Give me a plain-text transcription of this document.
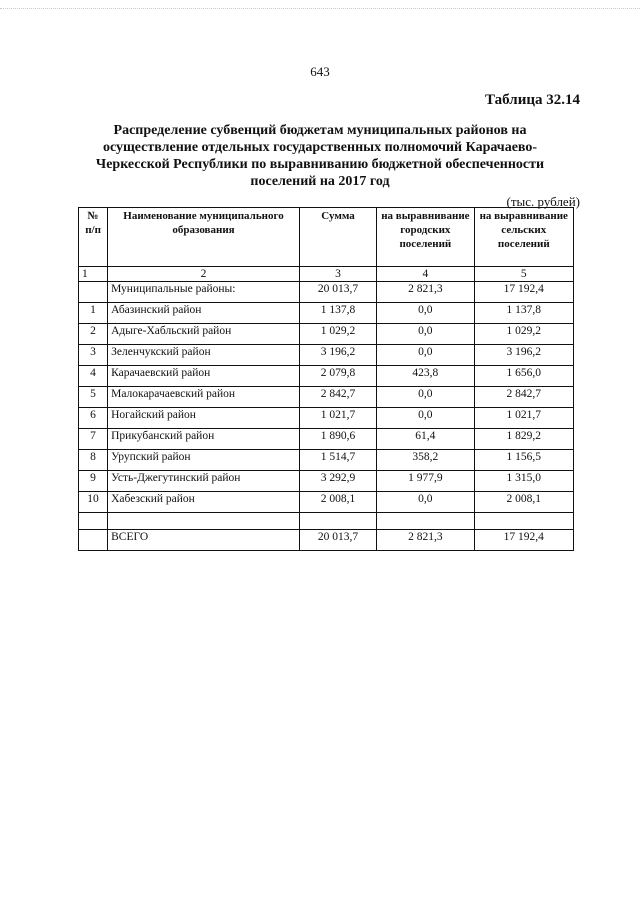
643
Таблица 32.14
Распределение субвенций бюджетам муниципальных районов на осуществление отдельных государственных полномочий Карачаево-Черкесской Республики по выравниванию бюджетной обеспеченности поселений на 2017 год
(тыс. рублей)
№ п/п	Наименование муниципального образования	Сумма	на выравнивание городских поселений	на выравнивание сельских поселений
1	2	3	4	5
	Муниципальные районы:	20 013,7	2 821,3	17 192,4
1	Абазинский район	1 137,8	0,0	1 137,8
2	Адыге-Хабльский район	1 029,2	0,0	1 029,2
3	Зеленчукский район	3 196,2	0,0	3 196,2
4	Карачаевский район	2 079,8	423,8	1 656,0
5	Малокарачаевский район	2 842,7	0,0	2 842,7
6	Ногайский район	1 021,7	0,0	1 021,7
7	Прикубанский район	1 890,6	61,4	1 829,2
8	Урупский район	1 514,7	358,2	1 156,5
9	Усть-Джегутинский район	3 292,9	1 977,9	1 315,0
10	Хабезский район	2 008,1	0,0	2 008,1

	ВСЕГО	20 013,7	2 821,3	17 192,4
